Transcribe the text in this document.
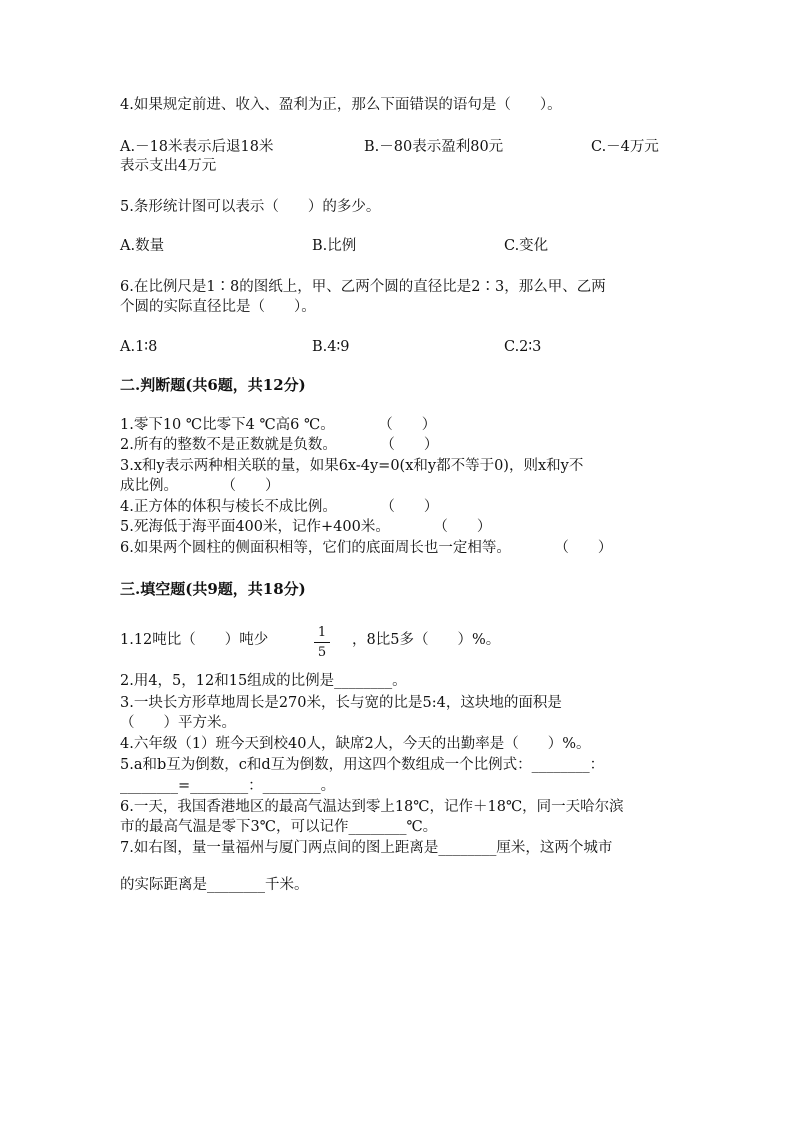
4.如果规定前进、收入、盈利为正，那么下面错误的语句是（　　）。
A.－18米表示后退18米	B.－80表示盈利80元	C.－4万元
表示支出4万元
5.条形统计图可以表示（　　）的多少。
A.数量	B.比例	C.变化
6.在比例尺是1∶8的图纸上，甲、乙两个圆的直径比是2∶3，那么甲、乙两
个圆的实际直径比是（　　）。
A.1∶8	B.4∶9	C.2∶3
二.判断题(共6题，共12分)
1.零下10 ℃比零下4 ℃高6 ℃。　　　　（　　）
2.所有的整数不是正数就是负数。　　　　（　　）
3.x和y表示两种相关联的量，如果6x-4y=0(x和y都不等于0)，则x和y不
成比例。　　　　（　　）
4.正方体的体积与棱长不成比例。　　　　（　　）
5.死海低于海平面400米，记作+400米。　　　　（　　）
6.如果两个圆柱的侧面积相等，它们的底面周长也一定相等。　　　　（　　）
三.填空题(共9题，共18分)
1.12吨比（　　）吨少	1
5
，8比5多（　　）%。
2.用4，5，12和15组成的比例是________。
3.一块长方形草地周长是270米，长与宽的比是5:4，这块地的面积是
（　　）平方米。
4.六年级（1）班今天到校40人，缺席2人，今天的出勤率是（　　）%。
5.a和b互为倒数，c和d互为倒数，用这四个数组成一个比例式：________：
________=________：________。
6.一天，我国香港地区的最高气温达到零上18℃，记作＋18℃，同一天哈尔滨
市的最高气温是零下3℃，可以记作________℃。
7.如右图，量一量福州与厦门两点间的图上距离是________厘米，这两个城市
的实际距离是________千米。
